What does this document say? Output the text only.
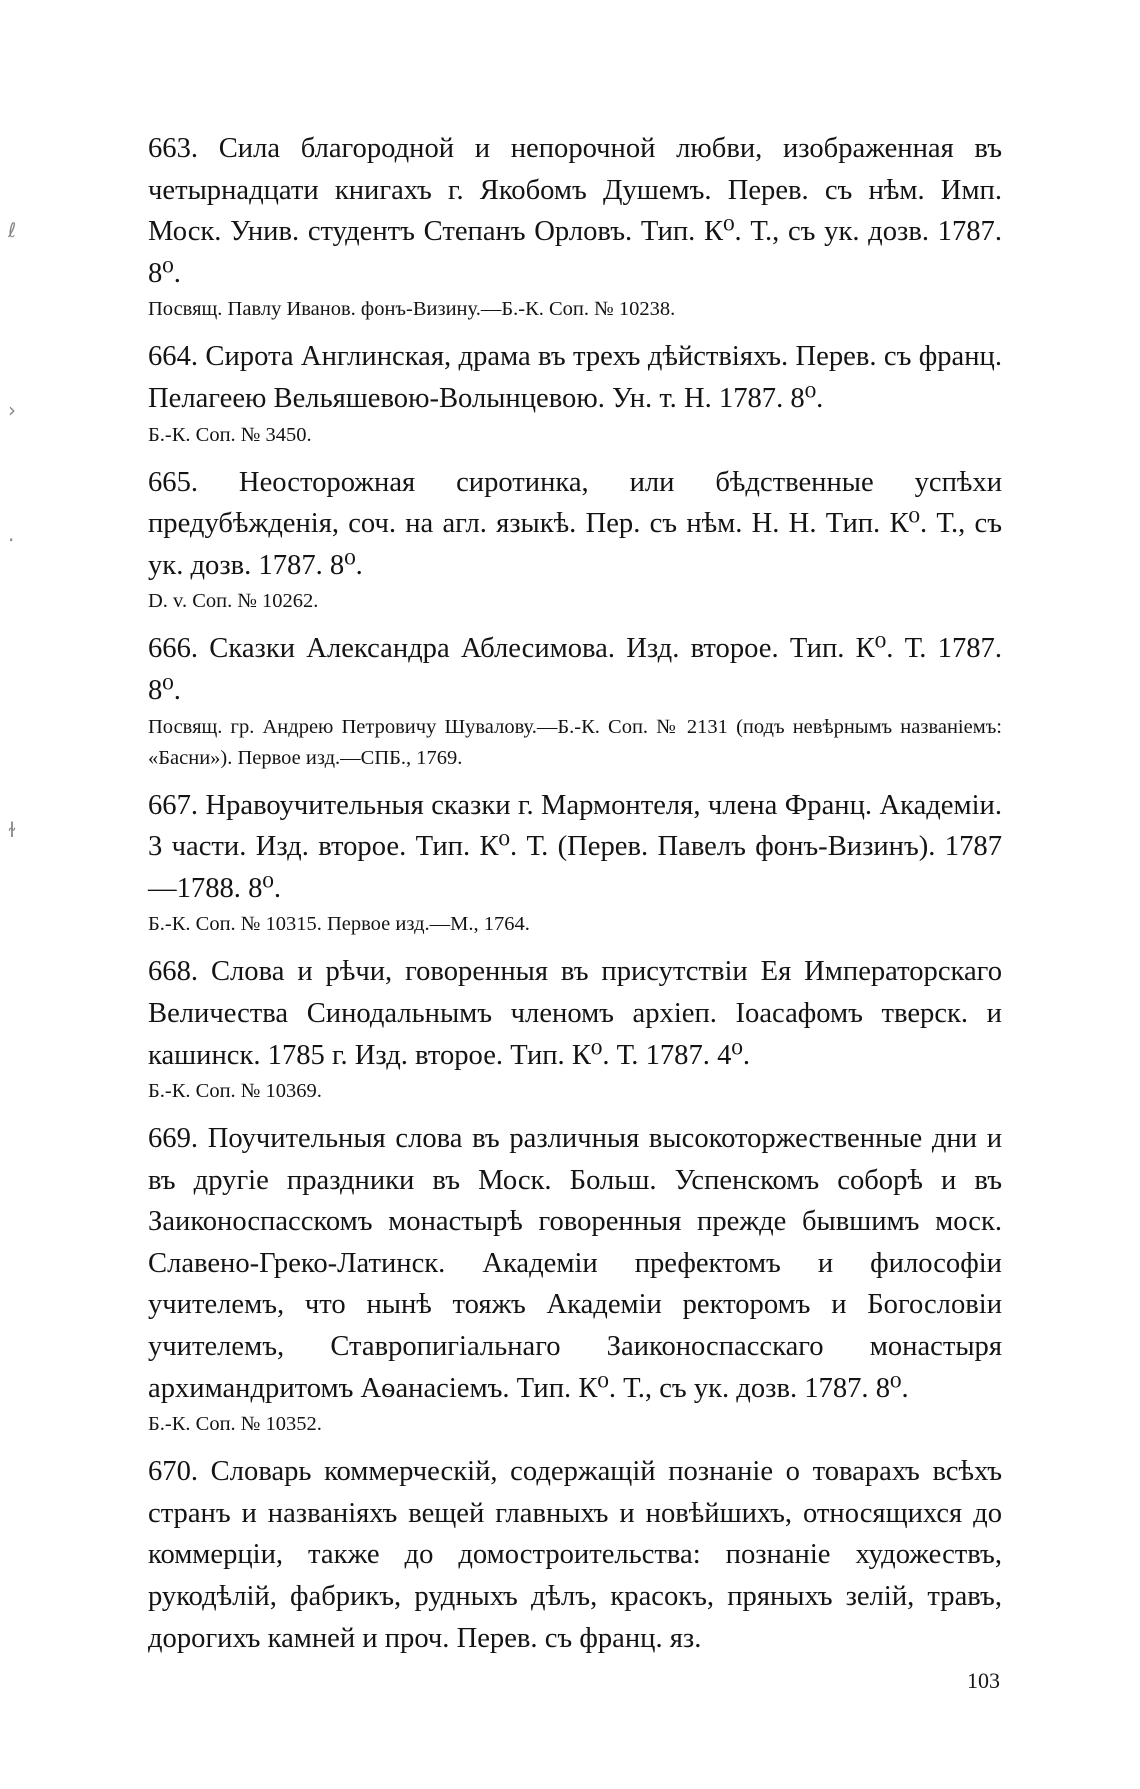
ℓ
›
·
ɫ

663. Сила благородной и непорочной любви, изображенная въ четырнадцати книгахъ г. Якобомъ Душемъ. Перев. съ нѣм. Имп. Моск. Унив. студентъ Степанъ Орловъ. Тип. К⁰. Т., съ ук. дозв. 1787. 8⁰.

Посвящ. Павлу Иванов. фонъ-Визину.—Б.-К. Соп. № 10238.

664. Сирота Англинская, драма въ трехъ дѣйствіяхъ. Перев. съ франц. Пелагеею Вельяшевою-Волынцевою. Ун. т. Н. 1787. 8⁰.

Б.-К. Соп. № 3450.

665. Неосторожная сиротинка, или бѣдственные успѣхи предубѣжденія, соч. на агл. языкѣ. Пер. съ нѣм. Н. Н. Тип. К⁰. Т., съ ук. дозв. 1787. 8⁰.

D. v. Соп. № 10262.

666. Сказки Александра Аблесимова. Изд. второе. Тип. К⁰. Т. 1787. 8⁰.

Посвящ. гр. Андрею Петровичу Шувалову.—Б.-К. Соп. № 2131 (подъ невѣрнымъ названіемъ: «Басни»). Первое изд.—СПБ., 1769.

667. Нравоучительныя сказки г. Мармонтеля, члена Франц. Академіи. 3 части. Изд. второе. Тип. К⁰. Т. (Перев. Павелъ фонъ-Визинъ). 1787—1788. 8⁰.

Б.-К. Соп. № 10315. Первое изд.—М., 1764.

668. Слова и рѣчи, говоренныя въ присутствіи Ея Императорскаго Величества Синодальнымъ членомъ архіеп. Іоасафомъ тверск. и кашинск. 1785 г. Изд. второе. Тип. К⁰. Т. 1787. 4⁰.

Б.-К. Соп. № 10369.

669. Поучительныя слова въ различныя высокоторжественные дни и въ другіе праздники въ Моск. Больш. Успенскомъ соборѣ и въ Заиконоспасскомъ монастырѣ говоренныя прежде бывшимъ моск. Славено-Греко-Латинск. Академіи префектомъ и философіи учителемъ, что нынѣ тояжъ Академіи ректоромъ и Богословіи учителемъ, Ставропигіальнаго Заиконоспасскаго монастыря архимандритомъ Аѳанасіемъ. Тип. К⁰. Т., съ ук. дозв. 1787. 8⁰.

Б.-К. Соп. № 10352.

670. Словарь коммерческій, содержащій познаніе о товарахъ всѣхъ странъ и названіяхъ вещей главныхъ и новѣйшихъ, относящихся до коммерціи, также до домостроительства: познаніе художествъ, рукодѣлій, фабрикъ, рудныхъ дѣлъ, красокъ, пряныхъ зелій, травъ, дорогихъ камней и проч. Перев. съ франц. яз.

103
